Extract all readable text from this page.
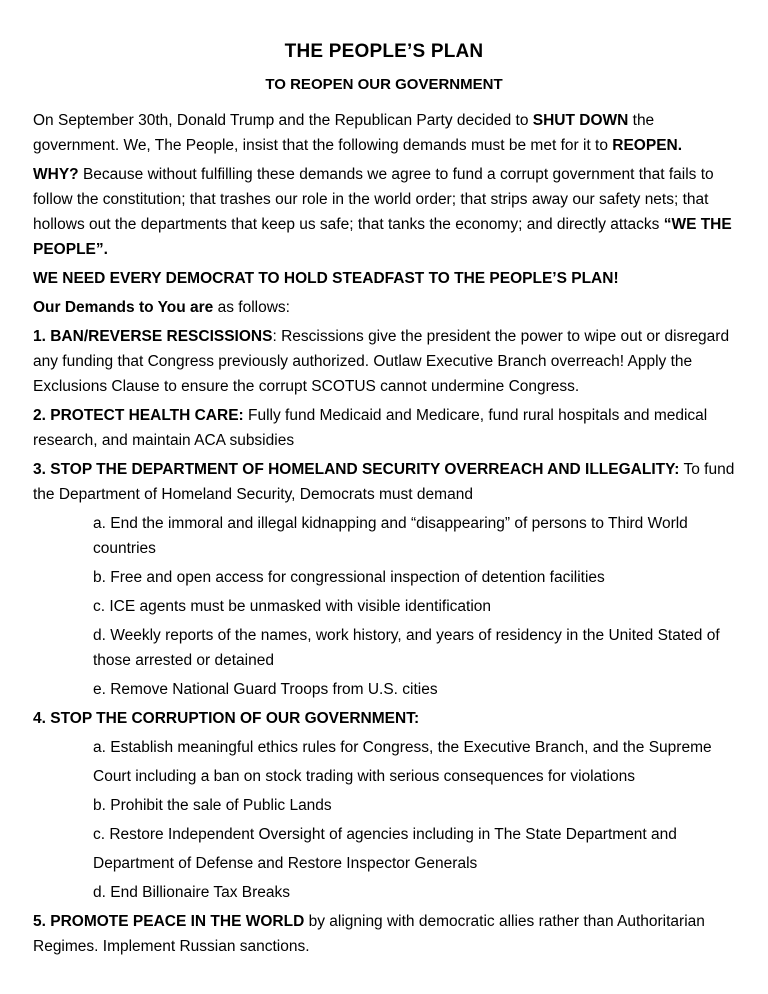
THE PEOPLE’S PLAN
TO REOPEN OUR GOVERNMENT

On September 30th, Donald Trump and the Republican Party decided to SHUT DOWN the government. We, The People, insist that the following demands must be met for it to REOPEN.

WHY? Because without fulfilling these demands we agree to fund a corrupt government that fails to follow the constitution; that trashes our role in the world order; that strips away our safety nets; that hollows out the departments that keep us safe; that tanks the economy; and directly attacks “WE THE PEOPLE”.

WE NEED EVERY DEMOCRAT TO HOLD STEADFAST TO THE PEOPLE’S PLAN!

Our Demands to You are as follows:

1. BAN/REVERSE RESCISSIONS: Rescissions give the president the power to wipe out or disregard any funding that Congress previously authorized. Outlaw Executive Branch overreach! Apply the Exclusions Clause to ensure the corrupt SCOTUS cannot undermine Congress.

2. PROTECT HEALTH CARE: Fully fund Medicaid and Medicare, fund rural hospitals and medical research, and maintain ACA subsidies

3. STOP THE DEPARTMENT OF HOMELAND SECURITY OVERREACH AND ILLEGALITY: To fund the Department of Homeland Security, Democrats must demand

a. End the immoral and illegal kidnapping and “disappearing” of persons to Third World countries

b. Free and open access for congressional inspection of detention facilities

c. ICE agents must be unmasked with visible identification

d. Weekly reports of the names, work history, and years of residency in the United Stated of those arrested or detained

e. Remove National Guard Troops from U.S. cities

4. STOP THE CORRUPTION OF OUR GOVERNMENT:

a. Establish meaningful ethics rules for Congress, the Executive Branch, and the Supreme

Court including a ban on stock trading with serious consequences for violations

b. Prohibit the sale of Public Lands

c. Restore Independent Oversight of agencies including in The State Department and

Department of Defense and Restore Inspector Generals

d. End Billionaire Tax Breaks

5. PROMOTE PEACE IN THE WORLD by aligning with democratic allies rather than Authoritarian Regimes. Implement Russian sanctions.
